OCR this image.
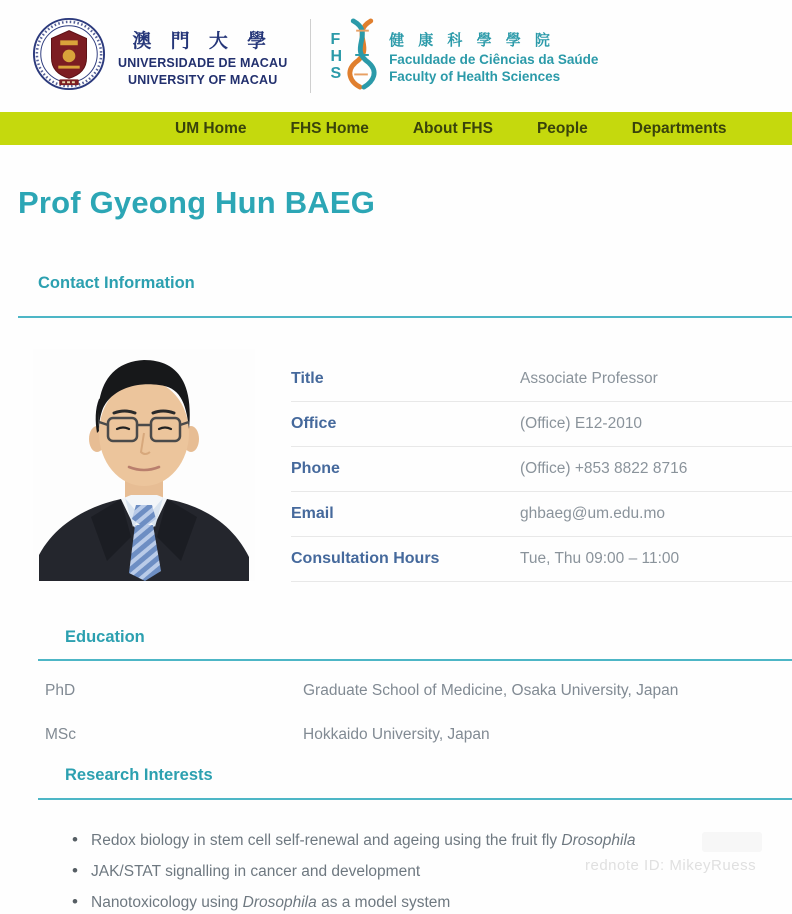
澳 門 大 學
UNIVERSIDADE DE MACAU
UNIVERSITY OF MACAU
F
H
S
健 康 科 學 學 院
Faculdade de Ciências da Saúde
Faculty of Health Sciences
UM Home	FHS Home	About FHS	People	Departments
Prof Gyeong Hun BAEG
Contact Information
Title	Associate Professor
Office	(Office) E12-2010
Phone	(Office) +853 8822 8716
Email	ghbaeg@um.edu.mo
Consultation Hours	Tue, Thu 09:00 – 11:00
Education
PhD	Graduate School of Medicine, Osaka University, Japan
MSc	Hokkaido University, Japan
Research Interests
• Redox biology in stem cell self-renewal and ageing using the fruit fly Drosophila
• JAK/STAT signalling in cancer and development
• Nanotoxicology using Drosophila as a model system
rednote ID: MikeyRuess
